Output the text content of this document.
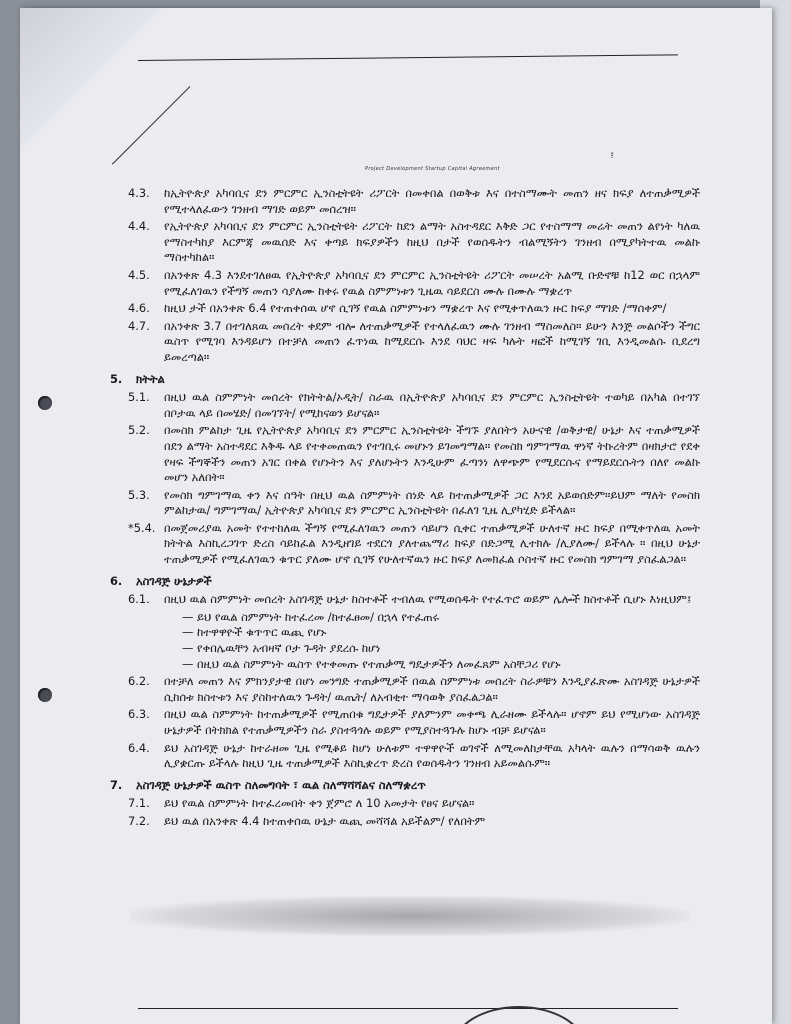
Project Development Startup Capital Agreement
፤
4.3.	ከኢትዮጵያ አካባቢና ደን ምርምር ኢንስቲትዩት ሪፖርት በመቀበል በወቅቱ እና በተስማሙት መጠን ዘና ክፍያ ለተጠቃሚዎች የሚተላለፈውን ገንዘብ ማገድ ወይም መሰረዝ።
4.4.	የኢትዮጵያ አካባቢና ደን ምርምር ኢንስቲትዩት ሪፖርት ከደን ልማት አስተዳደር እቅድ ጋር የተስማማ መሬት መጠን ልየነት ካለዉ የማስተካከያ እርምጃ መዉሰድ እና ቀጣይ ክፍያዎችን ከዚህ በታች የወሰዱትን ብልሚኝትን ገንዘብ በሚያካትተዉ መልኩ ማስተካከል።
4.5.	በአንቀጽ 4.3 እንደተገለፀዉ የኢትዮጵያ አካባቢና ደን ምርምር ኢንስቲትዩት ሪፖርት መሠረት አልሚ ቡድኖቹ ከ12 ወር በኋላም የሚፈለገዉን የችግኝ መጠን ሳያለሙ ከቀሩ የዉል ስምምነቱን ጊዜዉ ሳይደርስ ሙሉ በሙሉ ማቋረጥ
4.6.	ከዚህ ታች በአንቀጽ 6.4 የተጠቀሰዉ ሆኖ ሲገኝ የዉል ስምምነቱን ማቋረጥ እና የሚቀጥለዉን ዙር ክፍያ ማገድ /ማሰቀም/
4.7.	በአንቀጽ 3.7 በተገለጸዉ መሰረት ቀደም ብሎ ለተጠቃሚዎች የተላለፈዉን ሙሉ ገንዘብ ማስመለስ። ይሁን እንጅ መልሶችን ችግር ዉስጥ የሚገባ እንዳይሆን በተቻለ መጠን ፈጥነዉ ከሚደርሱ እንደ ባህር ዛፍ ካሉት ዛፎች ከሚገኝ ገቢ እንዲመልሱ ቢደረግ ይመረጣል።
5.	ክትትል
5.1.	በዚህ ዉል ስምምነት መሰረት የክትትል/ኦዲት/ ስራዉ በኢትዮጵያ አካባቢና ደን ምርምር ኢንስቲትዩት ተወካይ በአካል በተገኘ በቦታዉ ላይ በመሄድ/ በመገኘት/ የሚከናወን ይሆናል።
5.2.	በመስክ ምልከታ ጊዜ የኢትዮጵያ አካባቢና ደን ምርምር ኢንስቲትዩት ችግኙ ያለበትን አሁናዊ /ወቅታዊ/ ሁኔታ እና ተጠቃሚዎች በደን ልማት አስተዳደር እቅዱ ላይ የተቀመጠዉን የተገቢሩ መሆኑን ይገመግማል። የመስክ ግምገማዉ ዋነኛ ትኩረትም በዛክታሮ የደቀ የዛፍ ችግኞችን መጠን አገር በቀል የሆኑትን እና ያለሆኑትን እንዲሁም ፈጣንነ ለዋጭም የሚደርሱና የማይደርሱትን በለየ መልኩ መሆን አለበት።
5.3.	የመስክ ግምገማዉ ቀን እና ሰዓት በዚህ ዉል ስምምነት ሰነድ ላይ ከተጠቃሚዎች ጋር እንደ አይወሰድም።ይህም ማለት የመስክ ምልከታዉ/ ግምገማዉ/ ኢትዮጵያ አካባቢና ደን ምርምር ኢንስቲትዩት በፈለገ ጊዜ ሊያካሂድ ይችላል።
*5.4. በመጀመሪያዉ አመት የተተከለዉ ችግኝ የሚፈለገዉን መጠን ሳይሆን ሲቀር ተጠቃሚዎች ሁለተኛ ዙር ክፍያ በሚቀጥለዉ አመት ክትትል እስኪረጋገጥ ድረስ ሳይከፈል እንዲዘገይ ተደርጎ ያለተጨማሪ ክፍያ በድጋሚ ሊተክሉ /ሊያለሙ/ ይችላሉ ። በዚህ ሁኔታ ተጠቃሚዎች የሚፈለገዉን ቁጥር ያለሙ ሆኖ ሲገኝ የሁለተኛዉን ዙር ክፍያ ለመክፈል ሶስተኛ ዙር የመስክ ግምገማ ያስፈልጋል።
6.	አስገዳጅ ሁኔታዎች
6.1.	በዚህ ዉል ስምምነት መሰረት አስገዳጅ ሁኔታ ከስተቶች ተብለዉ የሚወሰዱት የተፈጥሮ ወይም ሌሎች ክስተቶች ሲሆኑ እነዚህም፤
— ይህ የዉል ስምምነት ከተፈረመ /ከተፈፀመ/ በኋላ የተፈጠሩ
— ከተዋዋዮች ቁጥጥር ዉጪ የሆኑ
— የቀበሌዉቸን አብዛኛ ቦታ ጉዳት ያደረሱ ከሆነ
— በዚህ ዉል ስምምነት ዉስጥ የተቀመጡ የተጠቃሚ ግዴታዎችን ለመፈጸም አስቸጋሪ የሆኑ
6.2.	በተቻለ መጠን እና ምክንያታዊ በሆነ መንግድ ተጠቃሚዎች በዉል ስምምነቱ መሰረት ስራዎቹን እንዲያፈጽሙ አስገዳጅ ሁኔታዎች ሲከሰቱ ክስተቱን እና ያስከተለዉን ጉዳት/ ዉጤት/ ለአብቂተ ማሳወቅ ያስፈልጋል።
6.3.	በዚህ ዉል ስምምነት ከተጠቃሚዎች የሚጠበቁ ግዴታዎች ያለምንም መቀጫ ሊራዘሙ ይችላሉ። ሆኖም ይህ የሚሆነው አስገዳጅ ሁኔታዎች በትክክል የተጠቃሚዎችን ስራ ያስተጓጎሉ ወይም የሚያስተጓጉሉ ከሆኑ ብቻ ይሆናል።
6.4.	ይህ አስገዳጅ ሁኔታ ከተራዘመ ጊዜ የሚቆይ ከሆነ ሁለቱም ተዋዋዮች ወገኖች ለሚመለከታቸዉ አካላት ዉሉን በማሳወቅ ዉሉን ሊያቋርጡ ይችላሉ ከዚህ ጊዜ ተጠቃሚዎች እስኪቋረጥ ድረስ የወሰዱትን ገንዘብ አይመልሱም።
7.	አስገዳጅ ሁኔታዎች ዉስጥ ስለመግባት ፣ ዉል ስለማሻሻልና ስለማቋረጥ
7.1.	ይህ የዉል ስምምነት ከተፈረመበት ቀን ጀምሮ ለ 10 አመታት የፀና ይሆናል።
7.2.	ይህ ዉል በአንቀጽ 4.4 ከተጠቀሰዉ ሁኔታ ዉጪ መሻሻል አይችልም/ የለበትም
